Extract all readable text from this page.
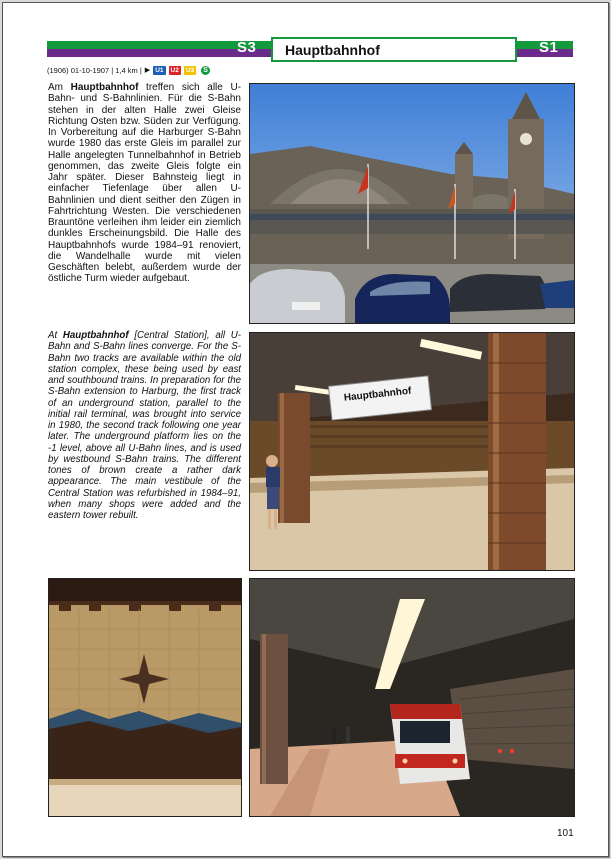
S3	S1
Hauptbahnhof
(1906) 01-10-1907 | 1,4 km | ▶ U1	U2	U3	S
Am Hauptbahnhof treffen sich alle U-Bahn- und S-Bahnlinien. Für die S-Bahn stehen in der alten Halle zwei Gleise Richtung Osten bzw. Süden zur Verfügung. In Vorbereitung auf die Harburger S-Bahn wurde 1980 das erste Gleis im parallel zur Halle angelegten Tunnelbahnhof in Betrieb genommen, das zweite Gleis folgte ein Jahr später. Dieser Bahnsteig liegt in einfacher Tiefenlage über allen U-Bahnlinien und dient seither den Zügen in Fahrtrichtung Westen. Die verschiedenen Brauntöne verleihen ihm leider ein ziemlich dunkles Erscheinungsbild. Die Halle des Hauptbahnhofs wurde 1984–91 renoviert, die Wandelhalle wurde mit vielen Geschäften belebt, außerdem wurde der östliche Turm wieder aufgebaut.
At Hauptbahnhof [Central Station], all U-Bahn and S-Bahn lines converge. For the S-Bahn two tracks are available within the old station complex, these being used by east and southbound trains. In preparation for the S-Bahn extension to Harburg, the first track of an underground station, parallel to the initial rail terminal, was brought into service in 1980, the second track following one year later. The underground platform lies on the -1 level, above all U-Bahn lines, and is used by westbound S-Bahn trains. The different tones of brown create a rather dark appearance. The main vestibule of the Central Station was refurbished in 1984–91, when many shops were added and the eastern tower rebuilt.
Hauptbahnhof
101
